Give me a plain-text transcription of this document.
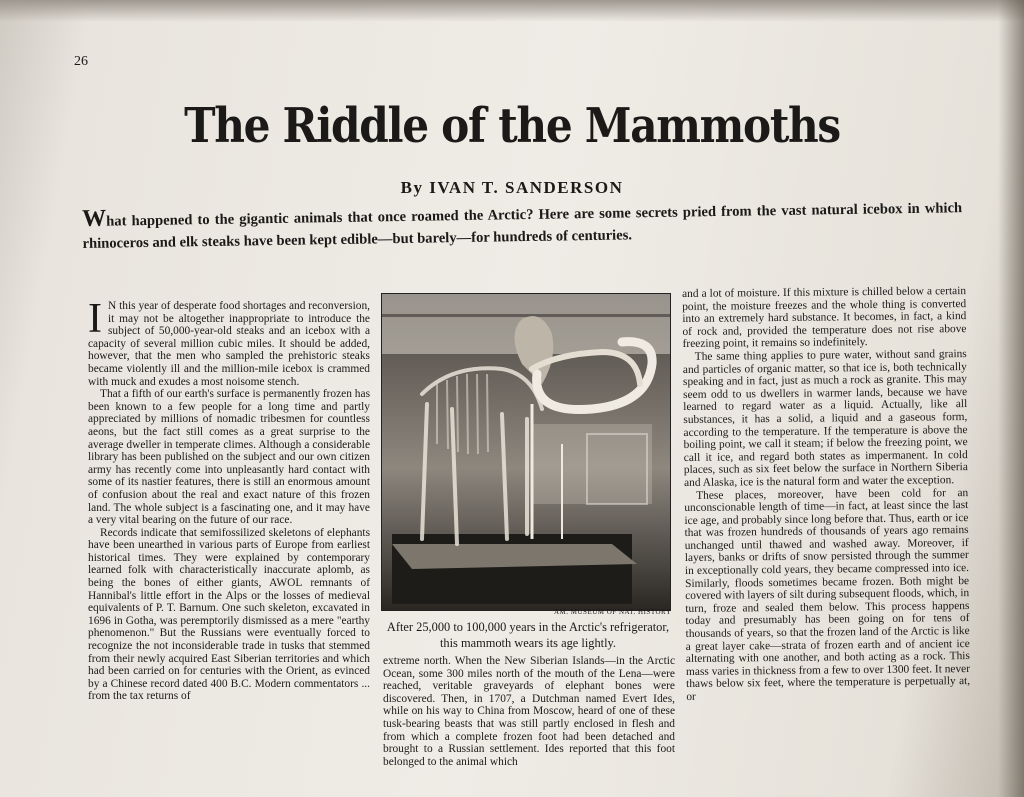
26
The Riddle of the Mammoths
By IVAN T. SANDERSON
What happened to the gigantic animals that once roamed the Arctic? Here are some secrets pried from the vast natural icebox in which rhinoceros and elk steaks have been kept edible—but barely—for hundreds of centuries.

I N this year of desperate food shortages and reconversion, it may not be altogether inappropriate to introduce the subject of 50,000-year-old steaks and an icebox with a capacity of several million cubic miles. It should be added, however, that the men who sampled the prehistoric steaks became violently ill and the million-mile icebox is crammed with muck and exudes a most noisome stench.

That a fifth of our earth's surface is permanently frozen has been known to a few people for a long time and partly appreciated by millions of nomadic tribesmen for countless aeons, but the fact still comes as a great surprise to the average dweller in temperate climes. Although a considerable library has been published on the subject and our own citizen army has recently come into unpleasantly hard contact with some of its nastier features, there is still an enormous amount of confusion about the real and exact nature of this frozen land. The whole subject is a fascinating one, and it may have a very vital bearing on the future of our race.

Records indicate that semifossilized skeletons of elephants have been unearthed in various parts of Europe from earliest historical times. They were explained by contemporary learned folk with characteristically inaccurate aplomb, as being the bones of either giants, AWOL remnants of Hannibal's little effort in the Alps or the losses of medieval equivalents of P. T. Barnum. One such skeleton, excavated in 1696 in Gotha, was peremptorily dismissed as a mere "earthy phenomenon." But the Russians were eventually forced to recognize the not inconsiderable trade in tusks that stemmed from their newly acquired East Siberian territories and which had been carried on for centuries with the Orient, as evinced by a Chinese record dated 400 B.C. Modern commentators ... from the tax returns of

AM. MUSEUM OF NAT. HISTORY
After 25,000 to 100,000 years in the Arctic's refrigerator, this mammoth wears its age lightly.

extreme north. When the New Siberian Islands—in the Arctic Ocean, some 300 miles north of the mouth of the Lena—were reached, veritable graveyards of elephant bones were discovered. Then, in 1707, a Dutchman named Evert Ides, while on his way to China from Moscow, heard of one of these tusk-bearing beasts that was still partly enclosed in flesh and from which a complete frozen foot had been detached and brought to a Russian settlement. Ides reported that this foot belonged to the animal which

and a lot of moisture. If this mixture is chilled below a certain point, the moisture freezes and the whole thing is converted into an extremely hard substance. It becomes, in fact, a kind of rock and, provided the temperature does not rise above freezing point, it remains so indefinitely.

The same thing applies to pure water, without sand grains and particles of organic matter, so that ice is, both technically speaking and in fact, just as much a rock as granite. This may seem odd to us dwellers in warmer lands, because we have learned to regard water as a liquid. Actually, like all substances, it has a solid, a liquid and a gaseous form, according to the temperature. If the temperature is above the boiling point, we call it steam; if below the freezing point, we call it ice, and regard both states as impermanent. In cold places, such as six feet below the surface in Northern Siberia and Alaska, ice is the natural form and water the exception.

These places, moreover, have been cold for an unconscionable length of time—in fact, at least since the last ice age, and probably since long before that. Thus, earth or ice that was frozen hundreds of thousands of years ago remains unchanged until thawed and washed away. Moreover, if layers, banks or drifts of snow persisted through the summer in exceptionally cold years, they became compressed into ice. Similarly, floods sometimes became frozen. Both might be covered with layers of silt during subsequent floods, which, in turn, froze and sealed them below. This process happens today and presumably has been going on for tens of thousands of years, so that the frozen land of the Arctic is like a great layer cake—strata of frozen earth and of ancient ice alternating with one another, and both acting as a rock. This mass varies in thickness from a few to over 1300 feet. It never thaws below six feet, where the temperature is perpetually at, or
